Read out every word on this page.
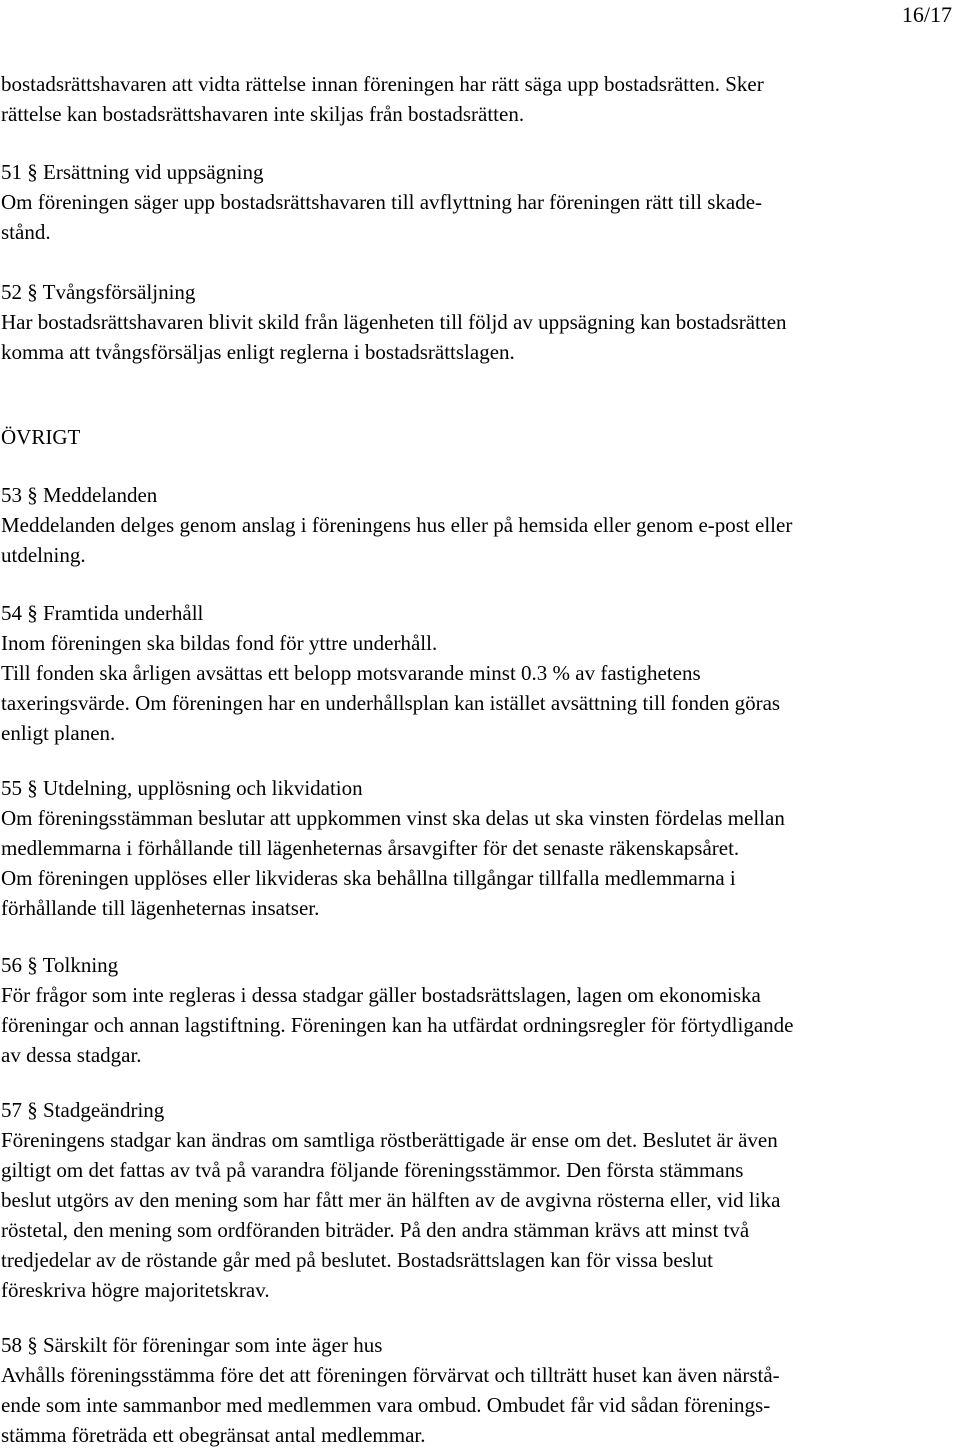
16/17
bostadsrättshavaren att vidta rättelse innan föreningen har rätt säga upp bostadsrätten. Sker
rättelse kan bostadsrättshavaren inte skiljas från bostadsrätten.
51 § Ersättning vid uppsägning
Om föreningen säger upp bostadsrättshavaren till avflyttning har föreningen rätt till skade-
stånd.
52 § Tvångsförsäljning
Har bostadsrättshavaren blivit skild från lägenheten till följd av uppsägning kan bostadsrätten
komma att tvångsförsäljas enligt reglerna i bostadsrättslagen.
ÖVRIGT
53 § Meddelanden
Meddelanden delges genom anslag i föreningens hus eller på hemsida eller genom e-post eller
utdelning.
54 § Framtida underhåll
Inom föreningen ska bildas fond för yttre underhåll.
Till fonden ska årligen avsättas ett belopp motsvarande minst 0.3 % av fastighetens
taxeringsvärde. Om föreningen har en underhållsplan kan istället avsättning till fonden göras
enligt planen.
55 § Utdelning, upplösning och likvidation
Om föreningsstämman beslutar att uppkommen vinst ska delas ut ska vinsten fördelas mellan
medlemmarna i förhållande till lägenheternas årsavgifter för det senaste räkenskapsåret.
Om föreningen upplöses eller likvideras ska behållna tillgångar tillfalla medlemmarna i
förhållande till lägenheternas insatser.
56 § Tolkning
För frågor som inte regleras i dessa stadgar gäller bostadsrättslagen, lagen om ekonomiska
föreningar och annan lagstiftning. Föreningen kan ha utfärdat ordningsregler för förtydligande
av dessa stadgar.
57 § Stadgeändring
Föreningens stadgar kan ändras om samtliga röstberättigade är ense om det. Beslutet är även
giltigt om det fattas av två på varandra följande föreningsstämmor. Den första stämmans
beslut utgörs av den mening som har fått mer än hälften av de avgivna rösterna eller, vid lika
röstetal, den mening som ordföranden biträder. På den andra stämman krävs att minst två
tredjedelar av de röstande går med på beslutet. Bostadsrättslagen kan för vissa beslut
föreskriva högre majoritetskrav.
58 § Särskilt för föreningar som inte äger hus
Avhålls föreningsstämma före det att föreningen förvärvat och tillträtt huset kan även närstå-
ende som inte sammanbor med medlemmen vara ombud. Ombudet får vid sådan förenings-
stämma företräda ett obegränsat antal medlemmar.
